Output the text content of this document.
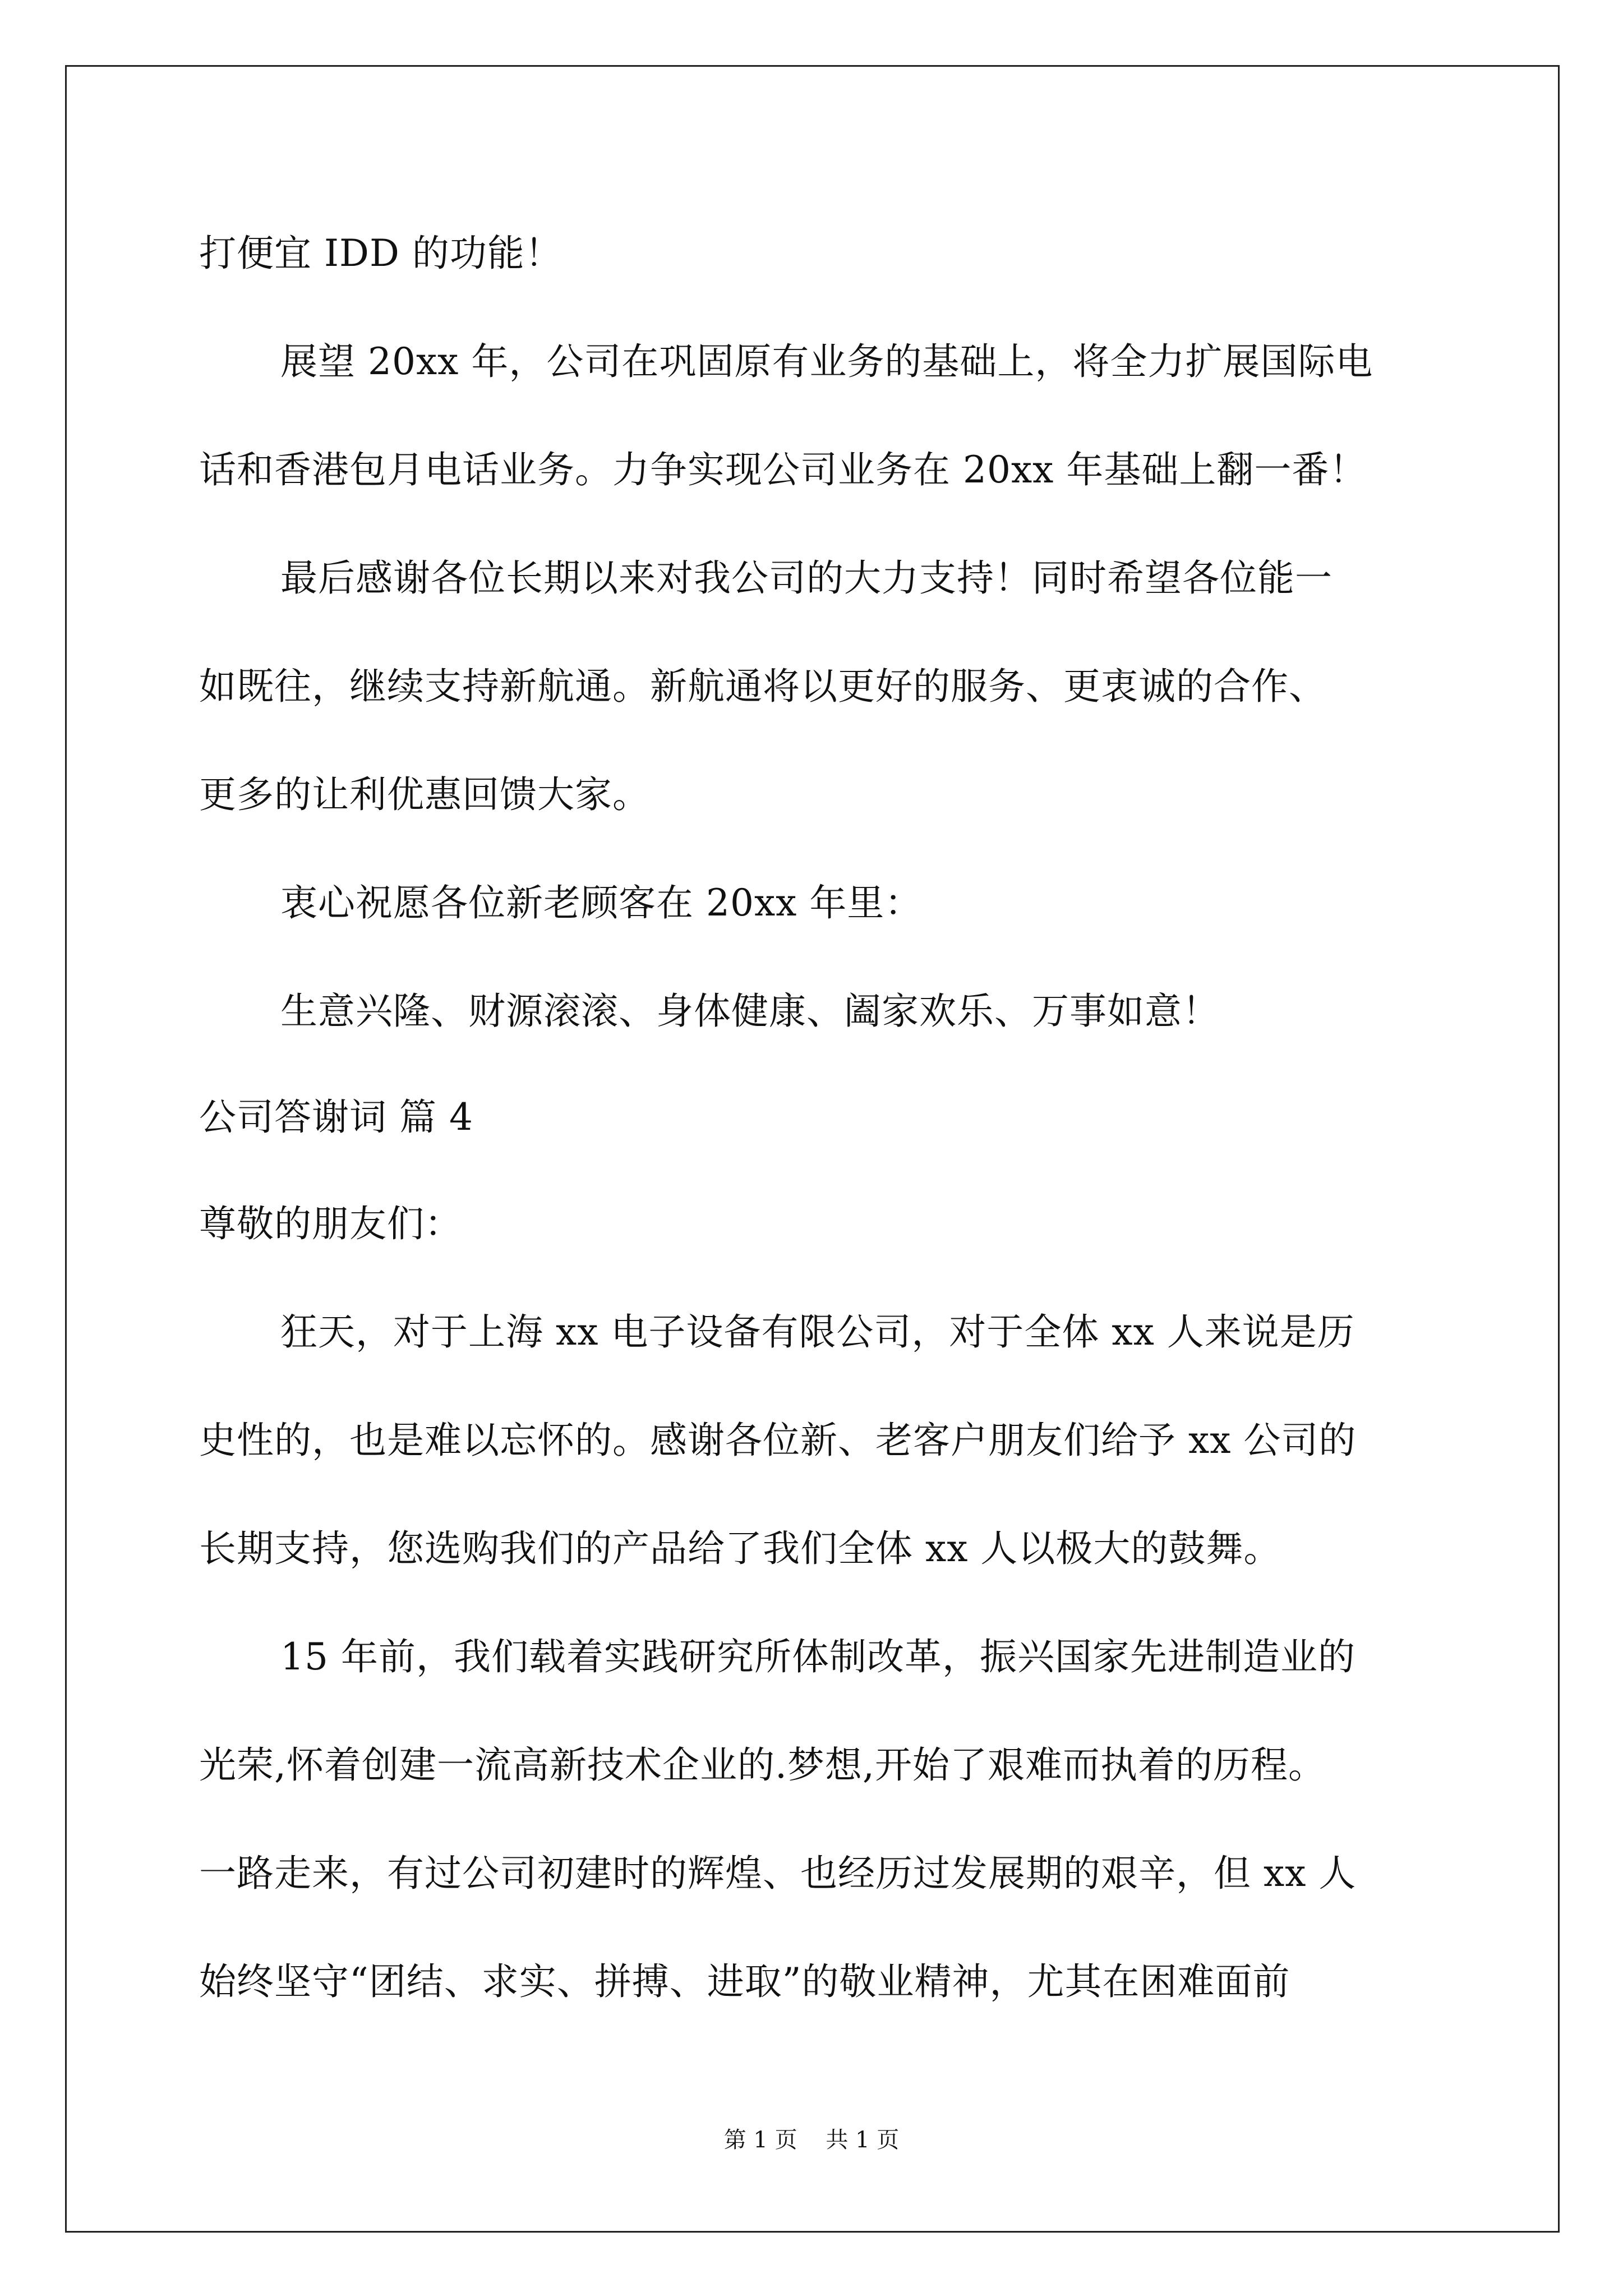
打便宜 IDD 的功能！
展望 20xx 年，公司在巩固原有业务的基础上，将全力扩展国际电
话和香港包月电话业务。力争实现公司业务在 20xx 年基础上翻一番！
最后感谢各位长期以来对我公司的大力支持！同时希望各位能一
如既往，继续支持新航通。新航通将以更好的服务、更衷诚的合作、
更多的让利优惠回馈大家。
衷心祝愿各位新老顾客在 20xx 年里：
生意兴隆、财源滚滚、身体健康、阖家欢乐、万事如意！
公司答谢词 篇 4
尊敬的朋友们：
狂天，对于上海 xx 电子设备有限公司，对于全体 xx 人来说是历
史性的，也是难以忘怀的。感谢各位新、老客户朋友们给予 xx 公司的
长期支持，您选购我们的产品给了我们全体 xx 人以极大的鼓舞。
15 年前，我们载着实践研究所体制改革，振兴国家先进制造业的
光荣,怀着创建一流高新技术企业的.梦想,开始了艰难而执着的历程。
一路走来，有过公司初建时的辉煌、也经历过发展期的艰辛，但 xx 人
始终坚守“团结、求实、拼搏、进取”的敬业精神，尤其在困难面前
第 1 页    共 1 页
